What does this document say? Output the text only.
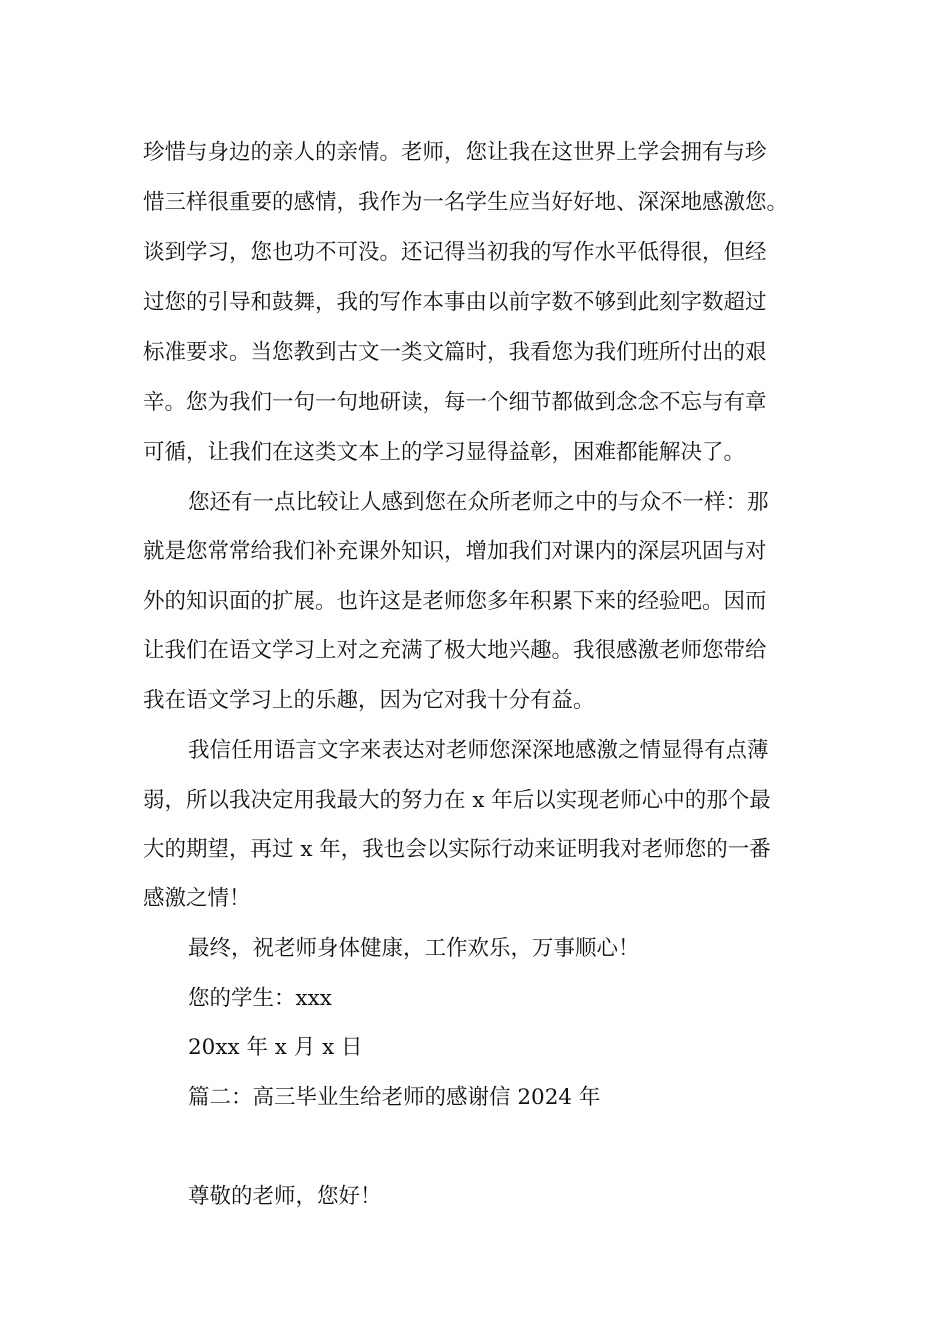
珍惜与身边的亲人的亲情。老师，您让我在这世界上学会拥有与珍
惜三样很重要的感情，我作为一名学生应当好好地、深深地感激您。
谈到学习，您也功不可没。还记得当初我的写作水平低得很，但经
过您的引导和鼓舞，我的写作本事由以前字数不够到此刻字数超过
标准要求。当您教到古文一类文篇时，我看您为我们班所付出的艰
辛。您为我们一句一句地研读，每一个细节都做到念念不忘与有章
可循，让我们在这类文本上的学习显得益彰，困难都能解决了。
您还有一点比较让人感到您在众所老师之中的与众不一样：那
就是您常常给我们补充课外知识，增加我们对课内的深层巩固与对
外的知识面的扩展。也许这是老师您多年积累下来的经验吧。因而
让我们在语文学习上对之充满了极大地兴趣。我很感激老师您带给
我在语文学习上的乐趣，因为它对我十分有益。
我信任用语言文字来表达对老师您深深地感激之情显得有点薄
弱，所以我决定用我最大的努力在 x 年后以实现老师心中的那个最
大的期望，再过 x 年，我也会以实际行动来证明我对老师您的一番
感激之情！
最终，祝老师身体健康，工作欢乐，万事顺心！
您的学生：xxx
20xx 年 x 月 x 日
篇二：高三毕业生给老师的感谢信 2024 年
尊敬的老师，您好！
